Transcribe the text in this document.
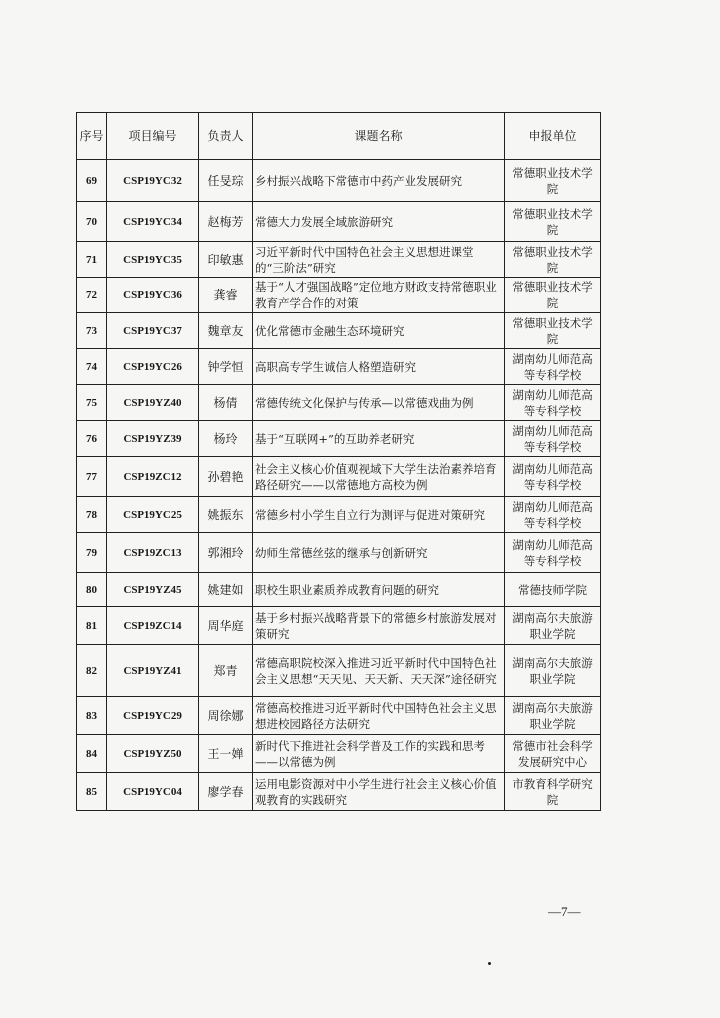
序号	项目编号	负责人	课题名称	申报单位
69	CSP19YC32	任旻琮	乡村振兴战略下常德市中药产业发展研究	常德职业技术学院
70	CSP19YC34	赵梅芳	常德大力发展全域旅游研究	常德职业技术学院
71	CSP19YC35	印敏惠	习近平新时代中国特色社会主义思想进课堂的“三阶法”研究	常德职业技术学院
72	CSP19YC36	龚睿	基于“人才强国战略”定位地方财政支持常德职业教育产学合作的对策	常德职业技术学院
73	CSP19YC37	魏章友	优化常德市金融生态环境研究	常德职业技术学院
74	CSP19YC26	钟学恒	高职高专学生诚信人格塑造研究	湖南幼儿师范高等专科学校
75	CSP19YZ40	杨倩	常德传统文化保护与传承—以常德戏曲为例	湖南幼儿师范高等专科学校
76	CSP19YZ39	杨玲	基于“互联网+”的互助养老研究	湖南幼儿师范高等专科学校
77	CSP19ZC12	孙碧艳	社会主义核心价值观视域下大学生法治素养培育路径研究——以常德地方高校为例	湖南幼儿师范高等专科学校
78	CSP19YC25	姚振东	常德乡村小学生自立行为测评与促进对策研究	湖南幼儿师范高等专科学校
79	CSP19ZC13	郭湘玲	幼师生常德丝弦的继承与创新研究	湖南幼儿师范高等专科学校
80	CSP19YZ45	姚建如	职校生职业素质养成教育问题的研究	常德技师学院
81	CSP19ZC14	周华庭	基于乡村振兴战略背景下的常德乡村旅游发展对策研究	湖南高尔夫旅游职业学院
82	CSP19YZ41	郑青	常德高职院校深入推进习近平新时代中国特色社会主义思想“天天见、天天新、天天深”途径研究	湖南高尔夫旅游职业学院
83	CSP19YC29	周徐娜	常德高校推进习近平新时代中国特色社会主义思想进校园路径方法研究	湖南高尔夫旅游职业学院
84	CSP19YZ50	王一婵	新时代下推进社会科学普及工作的实践和思考——以常德为例	常德市社会科学发展研究中心
85	CSP19YC04	廖学春	运用电影资源对中小学生进行社会主义核心价值观教育的实践研究	市教育科学研究院
—7—
